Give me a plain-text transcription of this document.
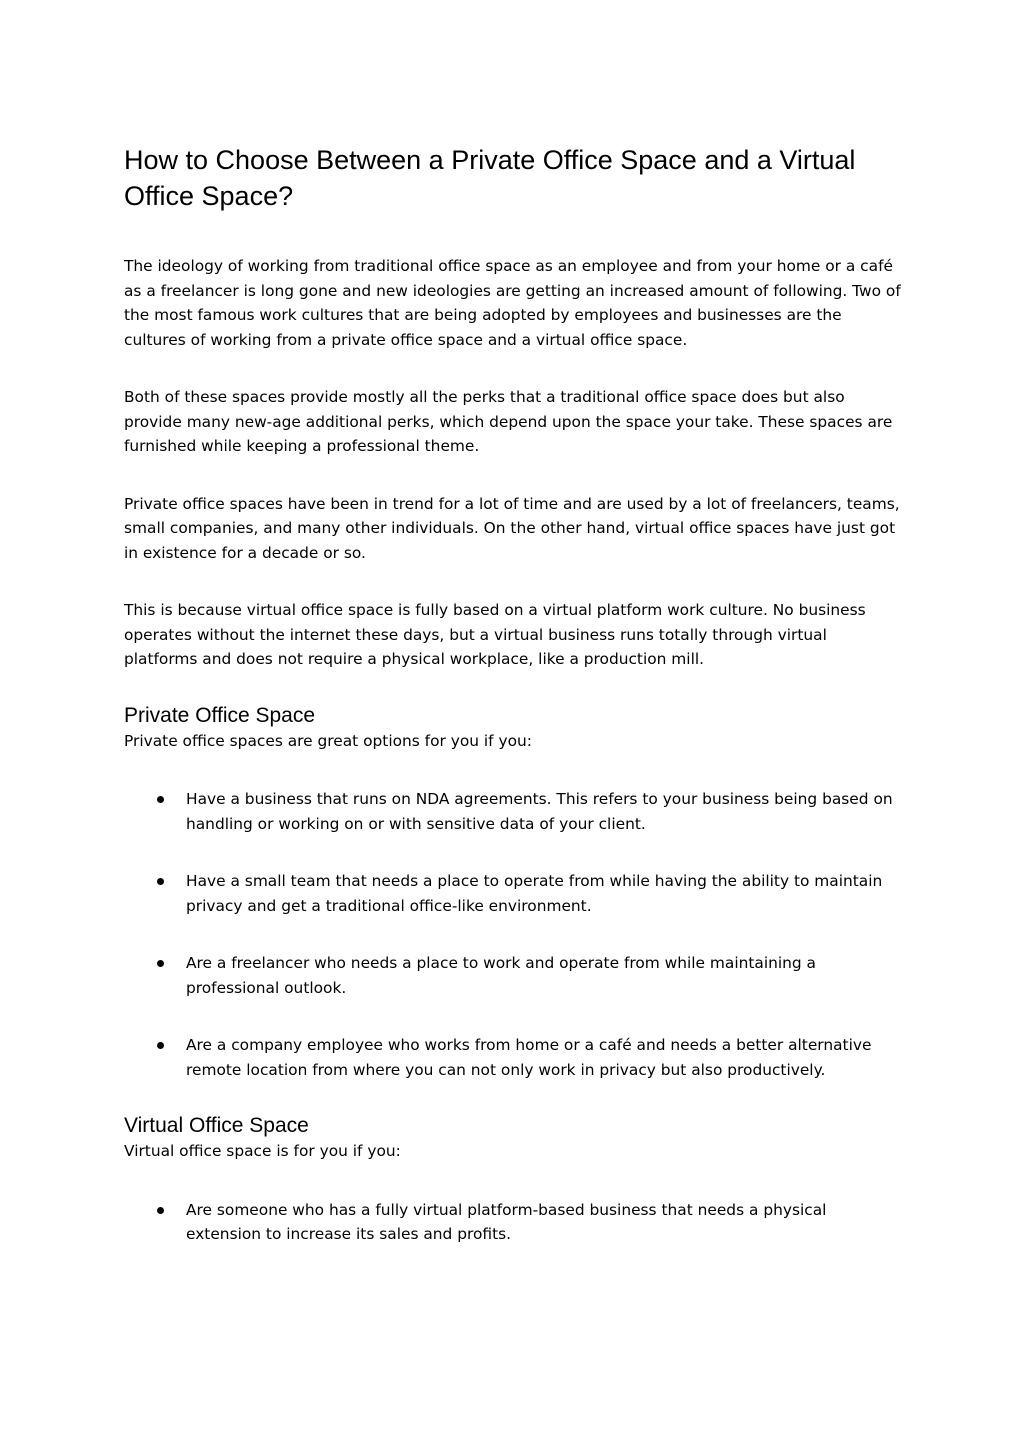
How to Choose Between a Private Office Space and a Virtual Office Space?

The ideology of working from traditional office space as an employee and from your home or a café as a freelancer is long gone and new ideologies are getting an increased amount of following. Two of the most famous work cultures that are being adopted by employees and businesses are the cultures of working from a private office space and a virtual office space.

Both of these spaces provide mostly all the perks that a traditional office space does but also provide many new-age additional perks, which depend upon the space your take. These spaces are furnished while keeping a professional theme.

Private office spaces have been in trend for a lot of time and are used by a lot of freelancers, teams, small companies, and many other individuals. On the other hand, virtual office spaces have just got in existence for a decade or so.

This is because virtual office space is fully based on a virtual platform work culture. No business operates without the internet these days, but a virtual business runs totally through virtual platforms and does not require a physical workplace, like a production mill.

Private Office Space

Private office spaces are great options for you if you:

Have a business that runs on NDA agreements. This refers to your business being based on handling or working on or with sensitive data of your client.
Have a small team that needs a place to operate from while having the ability to maintain privacy and get a traditional office-like environment.
Are a freelancer who needs a place to work and operate from while maintaining a professional outlook.
Are a company employee who works from home or a café and needs a better alternative remote location from where you can not only work in privacy but also productively.
Virtual Office Space

Virtual office space is for you if you:

Are someone who has a fully virtual platform-based business that needs a physical extension to increase its sales and profits.
